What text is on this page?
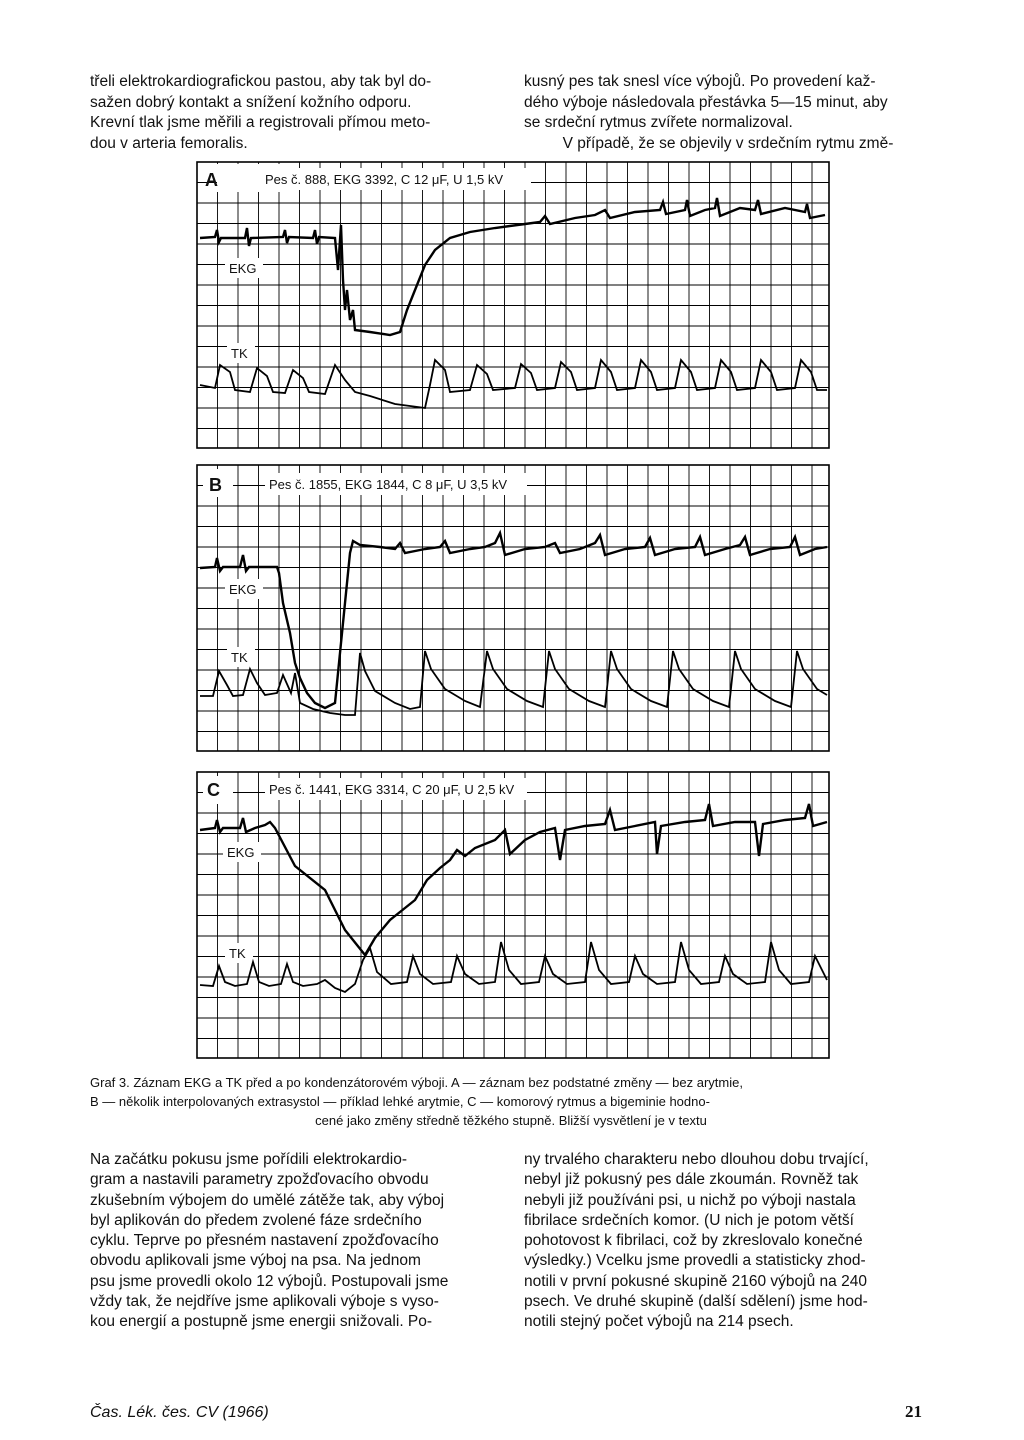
třeli elektrokardiografickou pastou, aby tak byl do-

sažen dobrý kontakt a snížení kožního odporu.

Krevní tlak jsme měřili a registrovali přímou meto-

dou v arteria femoralis.

kusný pes tak snesl více výbojů. Po provedení kaž-

dého výboje následovala přestávka 5—15 minut, aby

se srdeční rytmus zvířete normalizoval.

V případě, že se objevily v srdečním rytmu změ-

A	Pes č. 888, EKG 3392, C 12 μF, U 1,5 kV
EKG
TK
B	Pes č. 1855, EKG 1844, C 8 μF, U 3,5 kV
EKG
TK
C	Pes č. 1441, EKG 3314, C 20 μF, U 2,5 kV
EKG
TK
Graf 3. Záznam EKG a TK před a po kondenzátorovém výboji. A — záznam bez podstatné změny — bez arytmie,
B — několik interpolovaných extrasystol — příklad lehké arytmie, C — komorový rytmus a bigeminie hodno-

cené jako změny středně těžkého stupně. Bližší vysvětlení je v textu

Na začátku pokusu jsme pořídili elektrokardio-

gram a nastavili parametry zpožďovacího obvodu

zkušebním výbojem do umělé zátěže tak, aby výboj

byl aplikován do předem zvolené fáze srdečního

cyklu. Teprve po přesném nastavení zpožďovacího

obvodu aplikovali jsme výboj na psa. Na jednom

psu jsme provedli okolo 12 výbojů. Postupovali jsme

vždy tak, že nejdříve jsme aplikovali výboje s vyso-

kou energií a postupně jsme energii snižovali. Po-

ny trvalého charakteru nebo dlouhou dobu trvající,

nebyl již pokusný pes dále zkoumán. Rovněž tak

nebyli již používáni psi, u nichž po výboji nastala

fibrilace srdečních komor. (U nich je potom větší

pohotovost k fibrilaci, což by zkreslovalo konečné

výsledky.) Vcelku jsme provedli a statisticky zhod-

notili v první pokusné skupině 2160 výbojů na 240

psech. Ve druhé skupině (další sdělení) jsme hod-

notili stejný počet výbojů na 214 psech.

Čas. Lék. čes. CV (1966)	21
